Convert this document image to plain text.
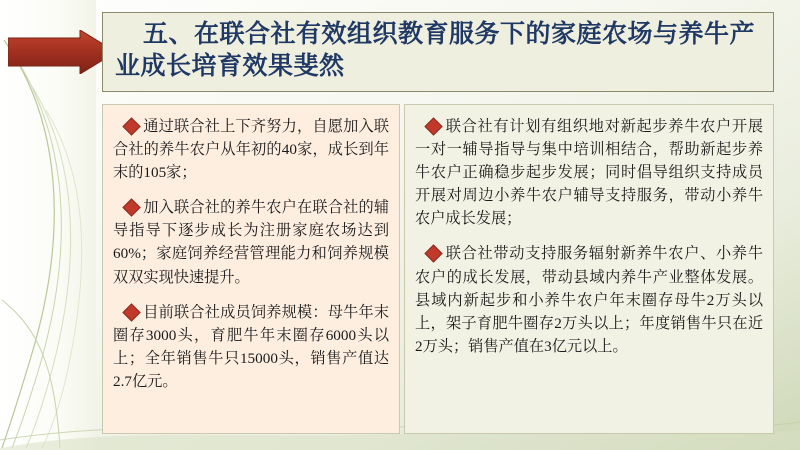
五、在联合社有效组织教育服务下的家庭农场与养牛产业成长培育效果斐然

通过联合社上下齐努力，自愿加入联合社的养牛农户从年初的40家，成长到年末的105家；

加入联合社的养牛农户在联合社的辅导指导下逐步成长为注册家庭农场达到60%；家庭饲养经营管理能力和饲养规模双双实现快速提升。

目前联合社成员饲养规模：母牛年末圈存3000头，育肥牛年末圈存6000头以上；全年销售牛只15000头，销售产值达2.7亿元。

联合社有计划有组织地对新起步养牛农户开展一对一辅导指导与集中培训相结合，帮助新起步养牛农户正确稳步起步发展；同时倡导组织支持成员开展对周边小养牛农户辅导支持服务，带动小养牛农户成长发展；

联合社带动支持服务辐射新养牛农户、小养牛农户的成长发展，带动县域内养牛产业整体发展。县域内新起步和小养牛农户年末圈存母牛2万头以上，架子育肥牛圈存2万头以上；年度销售牛只在近2万头；销售产值在3亿元以上。
